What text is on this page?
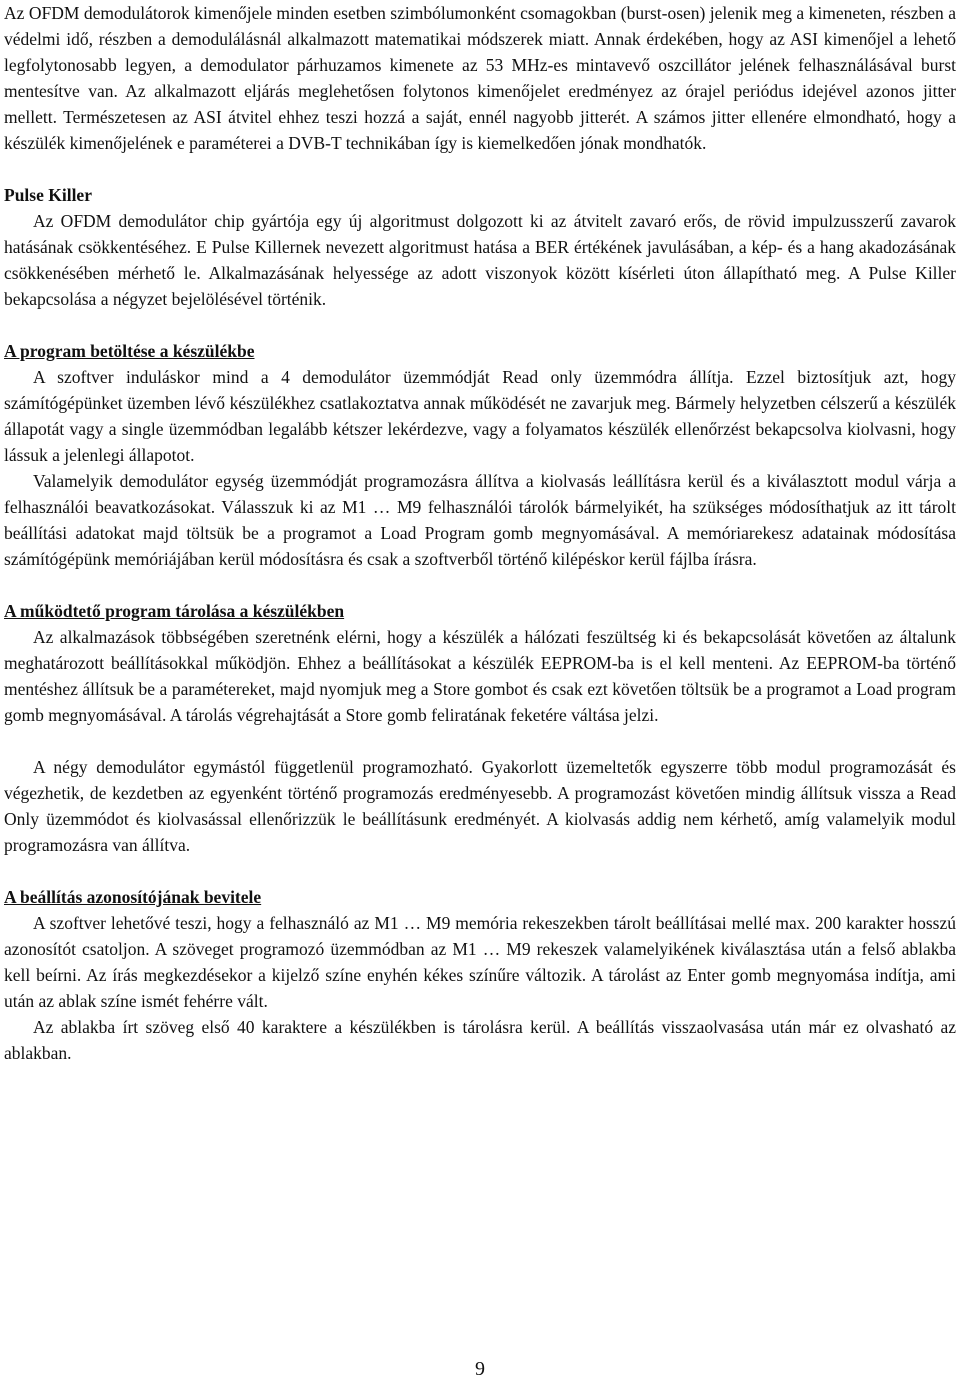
Az OFDM demodulátorok kimenőjele minden esetben szimbólumonként csomagokban (burst-osen) jelenik meg a kimeneten, részben a védelmi idő, részben a demodulálásnál alkalmazott matematikai módszerek miatt. Annak érdekében, hogy az ASI kimenőjel a lehető legfolytonosabb legyen, a demodulator párhuzamos kimenete az 53 MHz-es mintavevő oszcillátor jelének felhasználásával burst mentesítve van. Az alkalmazott eljárás meglehetősen folytonos kimenőjelet eredményez az órajel periódus idejével azonos jitter mellett. Természetesen az ASI átvitel ehhez teszi hozzá a saját, ennél nagyobb jitterét. A számos jitter ellenére elmondható, hogy a készülék kimenőjelének e paraméterei a DVB-T technikában így is kiemelkedően jónak mondhatók.

Pulse Killer

Az OFDM demodulátor chip gyártója egy új algoritmust dolgozott ki az átvitelt zavaró erős, de rövid impulzusszerű zavarok hatásának csökkentéséhez. E Pulse Killernek nevezett algoritmust hatása a BER értékének javulásában, a kép- és a hang akadozásának csökkenésében mérhető le. Alkalmazásának helyessége az adott viszonyok között kísérleti úton állapítható meg. A Pulse Killer bekapcsolása a négyzet bejelölésével történik.

A program betöltése a készülékbe

A szoftver induláskor mind a 4 demodulátor üzemmódját Read only üzemmódra állítja. Ezzel biztosítjuk azt, hogy számítógépünket üzemben lévő készülékhez csatlakoztatva annak működését ne zavarjuk meg. Bármely helyzetben célszerű a készülék állapotát vagy a single üzemmódban legalább kétszer lekérdezve, vagy a folyamatos készülék ellenőrzést bekapcsolva kiolvasni, hogy lássuk a jelenlegi állapotot.

Valamelyik demodulátor egység üzemmódját programozásra állítva a kiolvasás leállításra kerül és a kiválasztott modul várja a felhasználói beavatkozásokat. Válasszuk ki az M1 … M9 felhasználói tárolók bármelyikét, ha szükséges módosíthatjuk az itt tárolt beállítási adatokat majd töltsük be a programot a Load Program gomb megnyomásával. A memóriarekesz adatainak módosítása számítógépünk memóriájában kerül módosításra és csak a szoftverből történő kilépéskor kerül fájlba írásra.

A működtető program tárolása a készülékben

Az alkalmazások többségében szeretnénk elérni, hogy a készülék a hálózati feszültség ki és bekapcsolását követően az általunk meghatározott beállításokkal működjön. Ehhez a beállításokat a készülék EEPROM-ba is el kell menteni. Az EEPROM-ba történő mentéshez állítsuk be a paramétereket, majd nyomjuk meg a Store gombot és csak ezt követően töltsük be a programot a Load program gomb megnyomásával. A tárolás végrehajtását a Store gomb feliratának feketére váltása jelzi.

A négy demodulátor egymástól függetlenül programozható. Gyakorlott üzemeltetők egyszerre több modul programozását és végezhetik, de kezdetben az egyenként történő programozás eredményesebb. A programozást követően mindig állítsuk vissza a Read Only üzemmódot és kiolvasással ellenőrizzük le beállításunk eredményét. A kiolvasás addig nem kérhető, amíg valamelyik modul programozásra van állítva.

A beállítás azonosítójának bevitele

A szoftver lehetővé teszi, hogy a felhasználó az M1 … M9 memória rekeszekben tárolt beállításai mellé max. 200 karakter hosszú azonosítót csatoljon. A szöveget programozó üzemmódban az M1 … M9 rekeszek valamelyikének kiválasztása után a felső ablakba kell beírni. Az írás megkezdésekor a kijelző színe enyhén kékes színűre változik. A tárolást az Enter gomb megnyomása indítja, ami után az ablak színe ismét fehérre vált.

Az ablakba írt szöveg első 40 karaktere a készülékben is tárolásra kerül. A beállítás visszaolvasása után már ez olvasható az ablakban.

9
